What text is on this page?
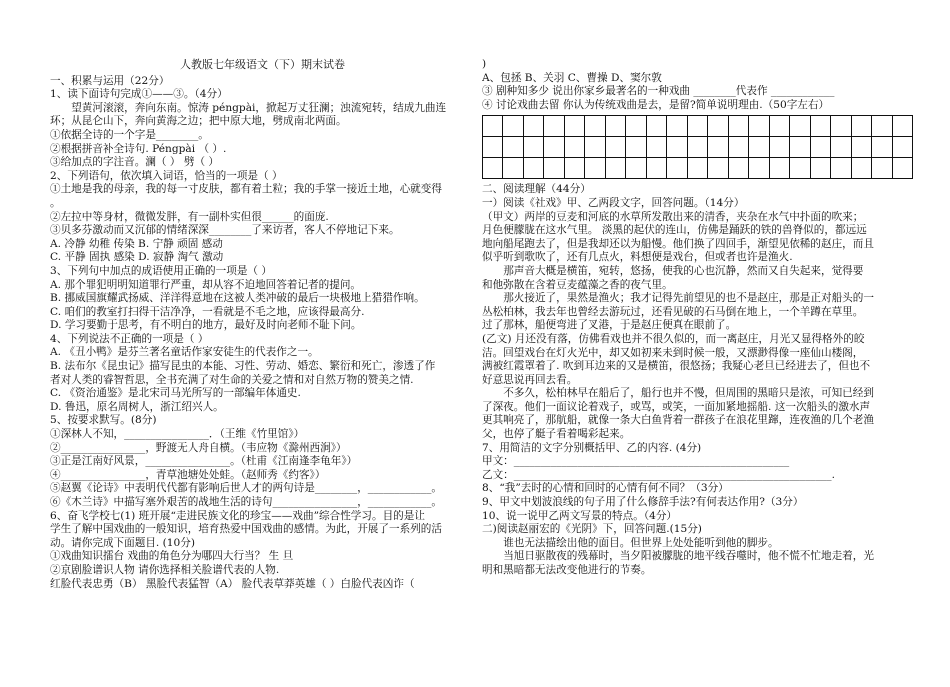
人教版七年级语文（下）期末试卷
一、积累与运用（22分）
1、读下面诗句完成①——③。（4分）
望黄河滚滚，奔向东南。惊涛 péngpài，掀起万丈狂澜；浊流宛转，结成九曲连
环；从昆仑山下，奔向黄海之边；把中原大地，劈成南北两面。
①依据全诗的一个字是________。
②根据拼音补全诗句. Péngpài （ ）.
③给加点的字注音。澜（ ） 劈（ ）
2、下列语句，依次填入词语，恰当的一项是（ ）
①土地是我的母亲，我的每一寸皮肤，都有着土粒；我的手掌一接近土地，心就变得
。
②左拉中等身材，微微发胖，有一副朴实但很______的面庞.
③贝多芬激动而又沉郁的情绪深深________了来访者，客人不停地记下来。
A. 冷静 幼稚 传染 B. 宁静 顽固 感动
C. 平静 固执 感染 D. 寂静 淘气 激动
3、下列句中加点的成语使用正确的一项是（ ）
A. 那个罪犯明明知道罪行严重，却从容不迫地回答着记者的提问。
B. 挪威国旗耀武扬威、洋洋得意地在这被人类冲破的最后一块极地上猎猎作响。
C. 咱们的教室打扫得干洁净净，一看就是不毛之地，应该得最高分.
D. 学习要勤于思考，有不明白的地方，最好及时向老师不耻下问。
4、下列说法不正确的一项是（ ）
A. 《丑小鸭》是芬兰著名童话作家安徒生的代表作之一。
B. 法布尔《昆虫记》描写昆虫的本能、习性、劳动、婚恋、繁衍和死亡，渗透了作
者对人类的睿智哲思，全书充满了对生命的关爱之情和对自然万物的赞美之情.
C. 《资治通鉴》是北宋司马光所写的一部编年体通史.
D. 鲁迅，原名周树人，浙江绍兴人。
5、按要求默写。(8分)
①深林人不知，________________．（王维《竹里馆》）
②________________，野渡无人舟自横。（韦应物《滁州西涧》）
③正是江南好风景，________________。（杜甫《江南逢李龟年》）
④________________，青草池塘处处蛙。（赵师秀《约客》）
⑤赵翼《论诗》中表明代代都有影响后世人才的两句诗是________，____________。
⑥《木兰诗》中描写塞外艰苦的战地生活的诗句________________，____________。
6、奋飞学校七(1) 班开展“走进民族文化的珍宝——戏曲”综合性学习。目的是让
学生了解中国戏曲的一般知识，培育热爱中国戏曲的感情。为此，开展了一系列的活
动。请你完成下面题目. (10分)
①戏曲知识擂台 戏曲的角色分为哪四大行当？ 生 旦
②京剧脸谱识人物 请你选择相关脸谱代表的人物.
红脸代表忠勇（B） 黑脸代表猛智（A） 脸代表草莽英雄（ ）白脸代表凶诈（
)
A、包拯 B、关羽 C、曹操 D、窦尔敦
③ 剧种知多少 说出你家乡最著名的一种戏曲 ________代表作 ____________
④ 讨论戏曲去留 你认为传统戏曲是去，是留?简单说明理由.（50字左右）
二、阅读理解（44分）
一）阅读《社戏》甲、乙两段文字，回答问题。（14分）
（甲文）两岸的豆麦和河底的水草所发散出来的清香，夹杂在水气中扑面的吹来；
月色便朦胧在这水气里。 淡黑的起伏的连山，仿佛是踊跃的铁的兽脊似的，都远远
地向船尾跑去了，但是我却还以为船慢。他们换了四回手，渐望见依稀的赵庄，而且
似乎听到歌吹了，还有几点火，料想便是戏台，但或者也许是渔火.
那声音大概是横笛，宛转，悠扬，使我的心也沉静，然而又自失起来，觉得要
和他弥散在含着豆麦蕴藻之香的夜气里。
那火接近了，果然是渔火；我才记得先前望见的也不是赵庄，那是正对船头的一
丛松柏林，我去年也曾经去游玩过，还看见破的石马倒在地上，一个羊蹲在草里。
过了那林，船便弯进了叉港，于是赵庄便真在眼前了。
(乙文) 月还没有落，仿佛看戏也并不很久似的，而一离赵庄，月光又显得格外的皎
洁。回望戏台在灯火光中，却又如初来未到时候一般，又漂渺得像一座仙山楼阁，
满被红霞罩着了. 吹到耳边来的又是横笛，很悠扬；我疑心老旦已经进去了，但也不
好意思说再回去看。
不多久，松柏林早在船后了，船行也并不慢，但周围的黑暗只是浓，可知已经到
了深夜。他们一面议论着戏子，或骂，或笑，一面加紧地摇船. 这一次船头的激水声
更其响亮了，那航船，就像一条大白鱼背着一群孩子在浪花里蹿，连夜渔的几个老渔
父，也停了艇子看着喝彩起来。
7、用简洁的文字分别概括甲、乙的内容. (4分)
甲文：____________________________________________________
乙文：____________________________________________________________.
8、“我”去时的心情和回时的心情有何不同？（3分）
9、甲文中划波浪线的句子用了什么修辞手法?有何表达作用?（3分）
10、说一说甲乙两文写景的特点。（4分）
二)阅读赵丽宏的《光阴》下，回答问题.(15分)
谁也无法描绘出他的面目。但世界上处处能听到他的脚步。
当旭日驱散夜的残幕时，当夕阳被朦胧的地平线吞噬时，他不慌不忙地走着，光
明和黑暗都无法改变他进行的节奏。
